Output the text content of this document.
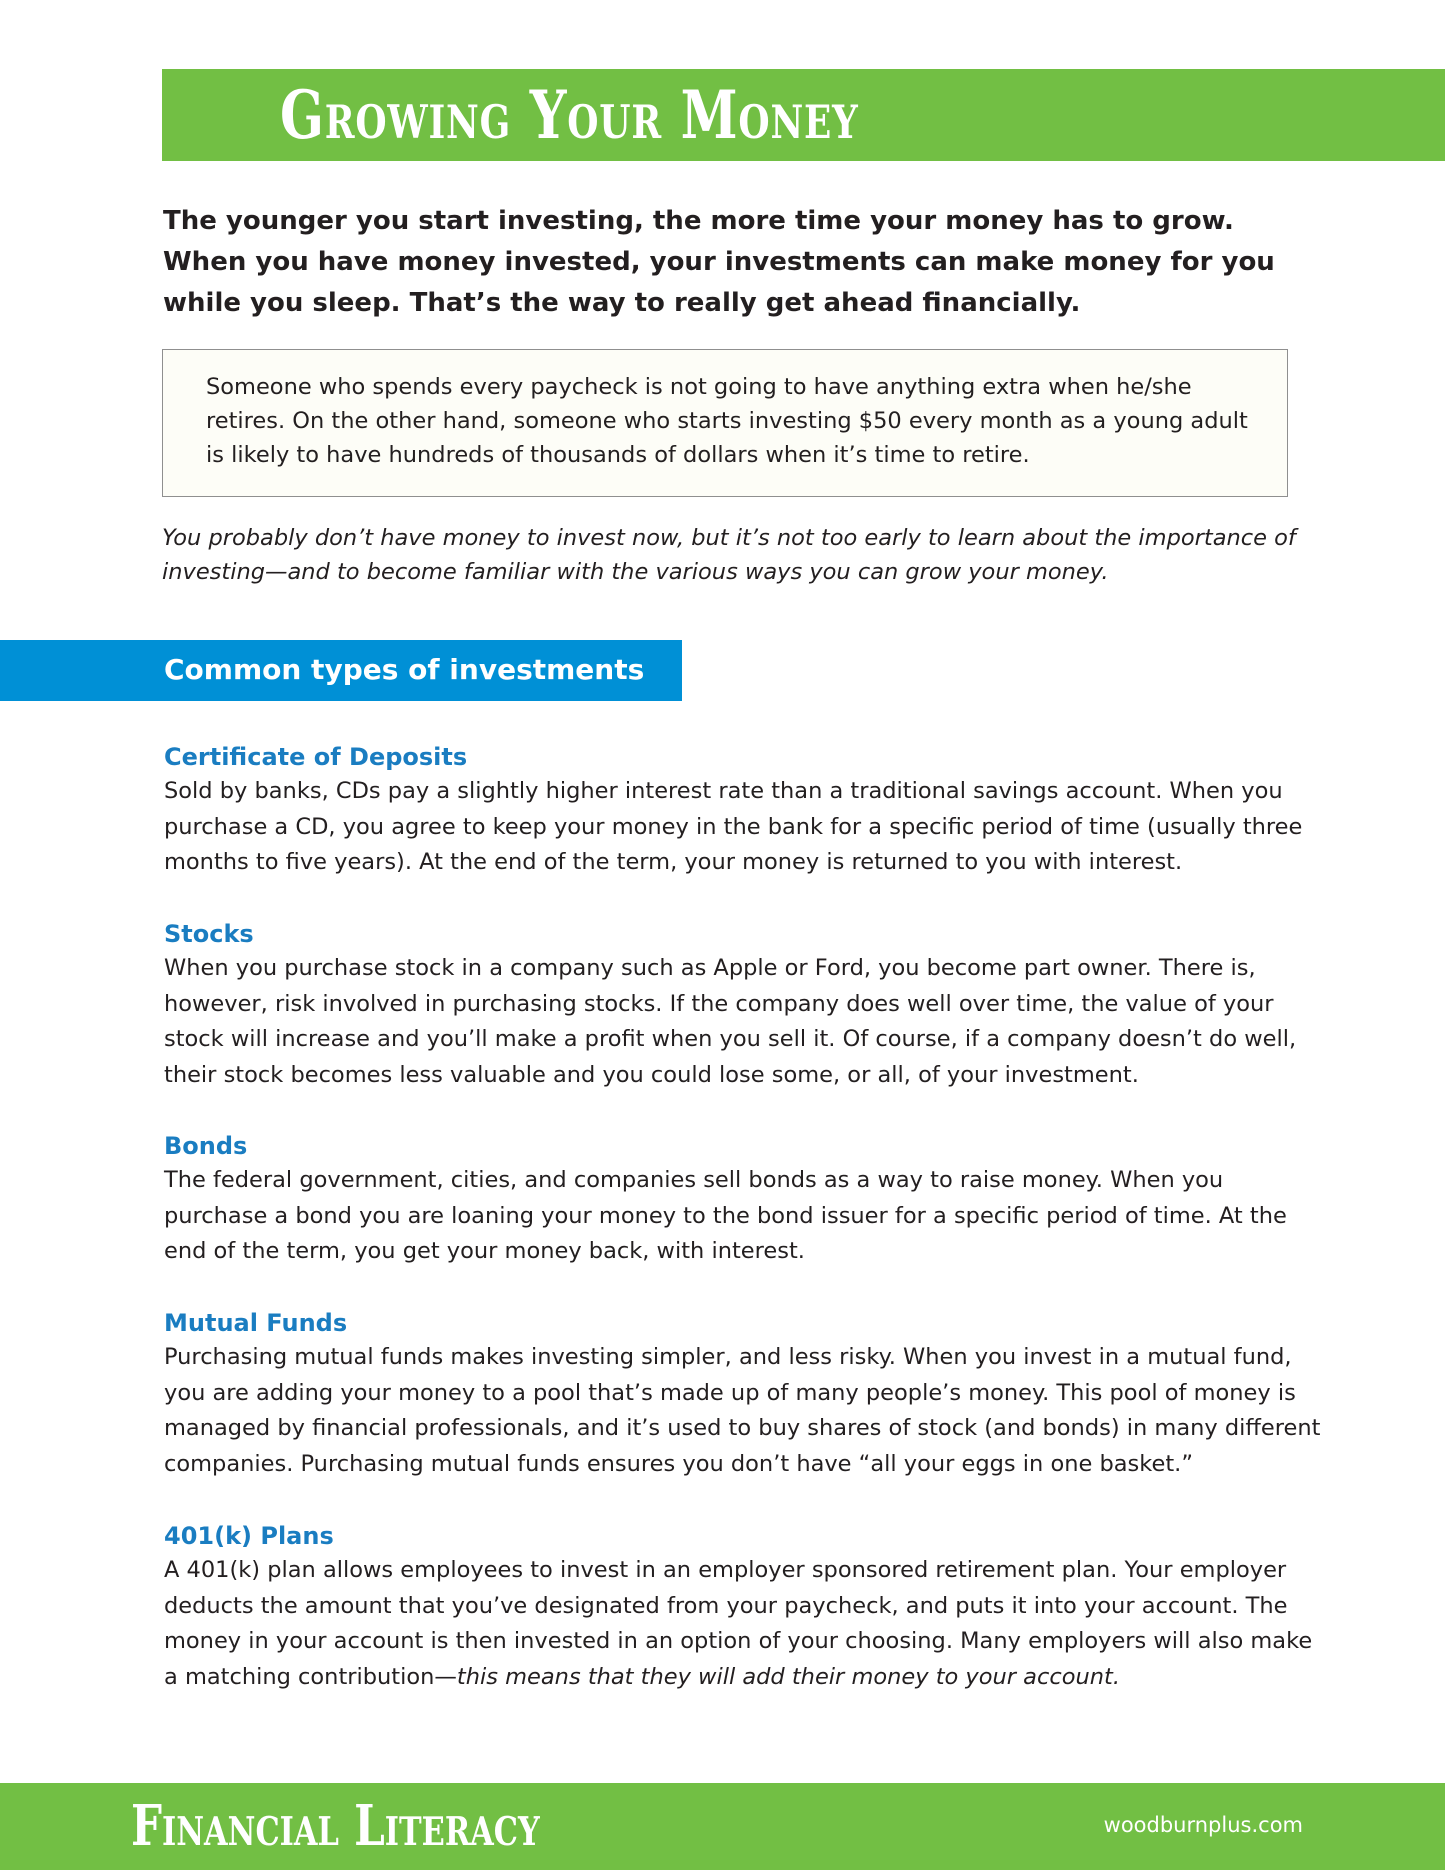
Growing Your Money

The younger you start investing, the more time your money has to grow. When you have money invested, your investments can make money for you while you sleep. That’s the way to really get ahead financially.

Someone who spends every paycheck is not going to have anything extra when he/she retires. On the other hand, someone who starts investing $50 every month as a young adult is likely to have hundreds of thousands of dollars when it’s time to retire.

You probably don’t have money to invest now, but it’s not too early to learn about the importance of investing—and to become familiar with the various ways you can grow your money.

Common types of investments
Certificate of Deposits

Sold by banks, CDs pay a slightly higher interest rate than a traditional savings account. When you purchase a CD, you agree to keep your money in the bank for a specific period of time (usually three months to five years). At the end of the term, your money is returned to you with interest.

Stocks

When you purchase stock in a company such as Apple or Ford, you become part owner. There is, however, risk involved in purchasing stocks. If the company does well over time, the value of your stock will increase and you’ll make a profit when you sell it. Of course, if a company doesn’t do well, their stock becomes less valuable and you could lose some, or all, of your investment.

Bonds

The federal government, cities, and companies sell bonds as a way to raise money. When you purchase a bond you are loaning your money to the bond issuer for a specific period of time. At the end of the term, you get your money back, with interest.

Mutual Funds

Purchasing mutual funds makes investing simpler, and less risky. When you invest in a mutual fund, you are adding your money to a pool that’s made up of many people’s money. This pool of money is managed by financial professionals, and it’s used to buy shares of stock (and bonds) in many different companies. Purchasing mutual funds ensures you don’t have “all your eggs in one basket.”

401(k) Plans

A 401(k) plan allows employees to invest in an employer sponsored retirement plan. Your employer deducts the amount that you’ve designated from your paycheck, and puts it into your account. The money in your account is then invested in an option of your choosing. Many employers will also make a matching contribution—this means that they will add their money to your account.

Financial Literacy	woodburnplus.com
